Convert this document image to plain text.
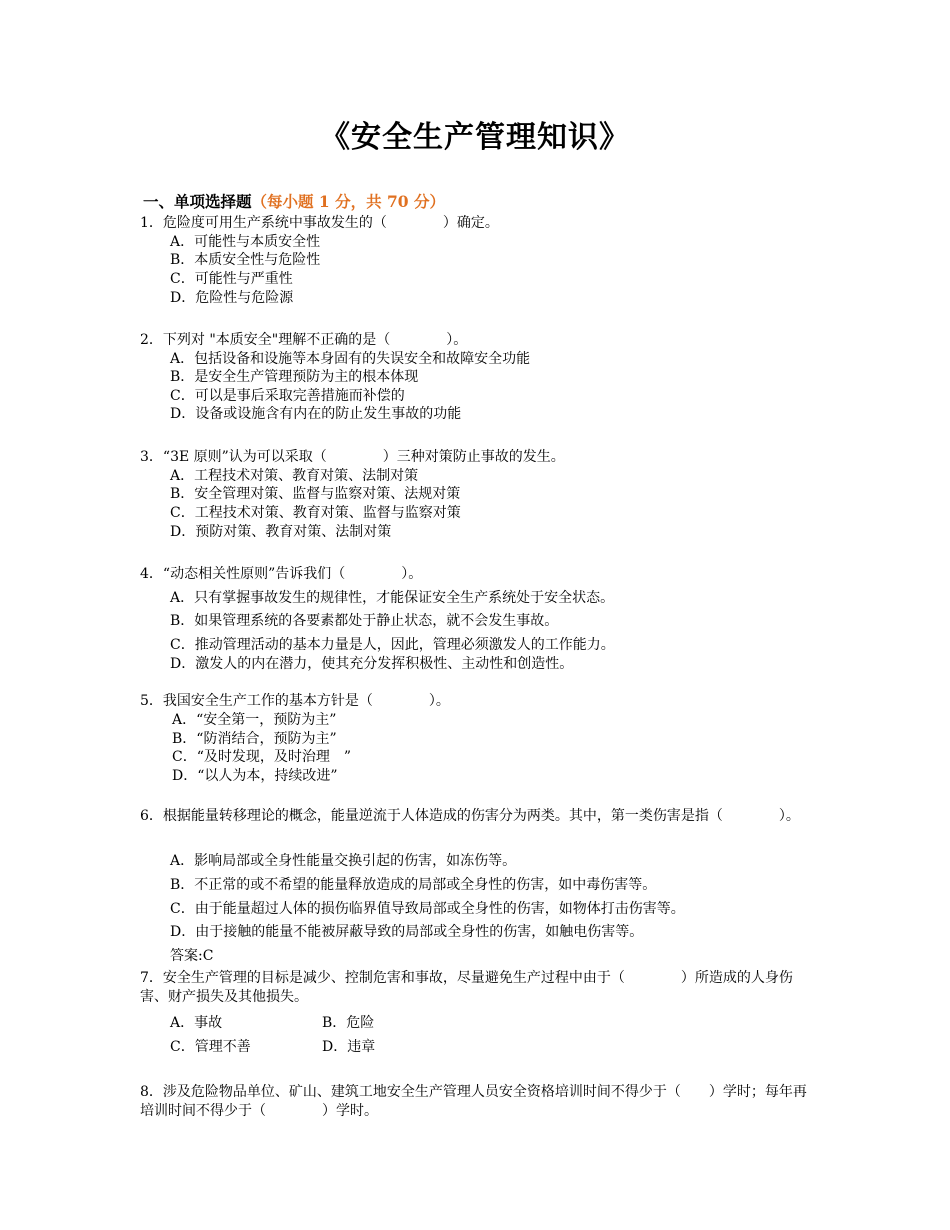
《安全生产管理知识》
一、单项选择题（每小题 1 分，共 70 分）
1．危险度可用生产系统中事故发生的（　　　　）确定。
A．可能性与本质安全性
B．本质安全性与危险性
C．可能性与严重性
D．危险性与危险源
2．下列对 "本质安全"理解不正确的是（　　　　）。
A．包括设备和设施等本身固有的失误安全和故障安全功能
B．是安全生产管理预防为主的根本体现
C．可以是事后采取完善措施而补偿的
D．设备或设施含有内在的防止发生事故的功能
3．“3E 原则”认为可以采取（　　　　）三种对策防止事故的发生。
A．工程技术对策、教育对策、法制对策
B．安全管理对策、监督与监察对策、法规对策
C．工程技术对策、教育对策、监督与监察对策
D．预防对策、教育对策、法制对策
4．“动态相关性原则”告诉我们（　　　　）。
A．只有掌握事故发生的规律性，才能保证安全生产系统处于安全状态。
B．如果管理系统的各要素都处于静止状态，就不会发生事故。
C．推动管理活动的基本力量是人，因此，管理必须激发人的工作能力。
D．激发人的内在潜力，使其充分发挥积极性、主动性和创造性。
5．我国安全生产工作的基本方针是（　　　　）。
A．“安全第一，预防为主”
B．“防消结合，预防为主”
C．“及时发现，及时治理　”
D．“以人为本，持续改进”
6．根据能量转移理论的概念，能量逆流于人体造成的伤害分为两类。其中，第一类伤害是指（　　　　）。
A．影响局部或全身性能量交换引起的伤害，如冻伤等。
B．不正常的或不希望的能量释放造成的局部或全身性的伤害，如中毒伤害等。
C．由于能量超过人体的损伤临界值导致局部或全身性的伤害，如物体打击伤害等。
D．由于接触的能量不能被屏蔽导致的局部或全身性的伤害，如触电伤害等。
答案:C
7．安全生产管理的目标是减少、控制危害和事故，尽量避免生产过程中由于（　　　　）所造成的人身伤害、财产损失及其他损失。
A．事故	B．危险
C．管理不善	D．违章
8．涉及危险物品单位、矿山、建筑工地安全生产管理人员安全资格培训时间不得少于（　　）学时；每年再培训时间不得少于（　　　　）学时。
